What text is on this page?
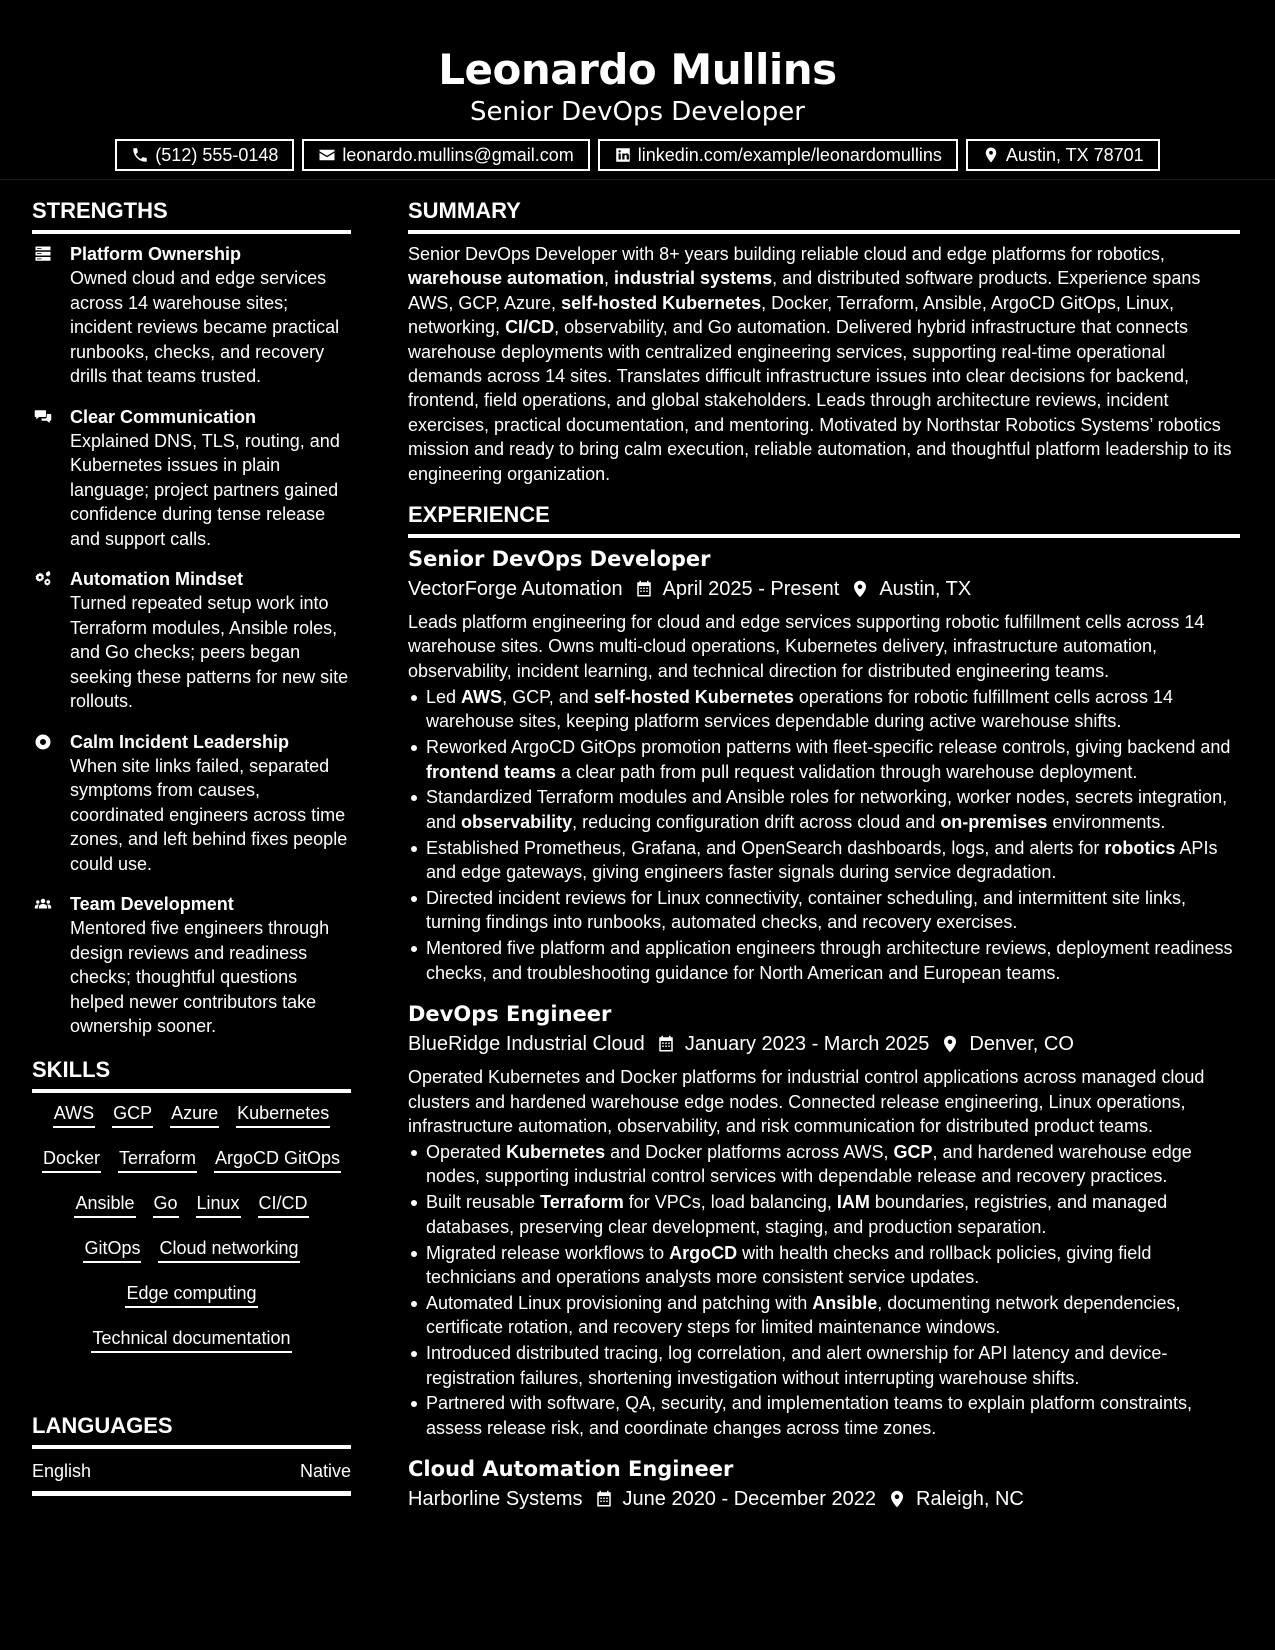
Leonardo Mullins
Senior DevOps Developer
(512) 555-0148	leonardo.mullins@gmail.com	linkedin.com/example/leonardomullins	Austin, TX 78701
STRENGTHS
Platform Ownership

Owned cloud and edge services across 14 warehouse sites; incident reviews became practical runbooks, checks, and recovery drills that teams trusted.

Clear Communication

Explained DNS, TLS, routing, and Kubernetes issues in plain language; project partners gained confidence during tense release and support calls.

Automation Mindset

Turned repeated setup work into Terraform modules, Ansible roles, and Go checks; peers began seeking these patterns for new site rollouts.

Calm Incident Leadership

When site links failed, separated symptoms from causes, coordinated engineers across time zones, and left behind fixes people could use.

Team Development

Mentored five engineers through design reviews and readiness checks; thoughtful questions helped newer contributors take ownership sooner.

SKILLS
AWS GCP Azure Kubernetes
Docker Terraform ArgoCD GitOps
Ansible Go Linux CI/CD
GitOps Cloud networking
Edge computing
Technical documentation
LANGUAGES
English	Native
SUMMARY

Senior DevOps Developer with 8+ years building reliable cloud and edge platforms for robotics, warehouse automation, industrial systems, and distributed software products. Experience spans AWS, GCP, Azure, self-hosted Kubernetes, Docker, Terraform, Ansible, ArgoCD GitOps, Linux, networking, CI/CD, observability, and Go automation. Delivered hybrid infrastructure that connects warehouse deployments with centralized engineering services, supporting real-time operational demands across 14 sites. Translates difficult infrastructure issues into clear decisions for backend, frontend, field operations, and global stakeholders. Leads through architecture reviews, incident exercises, practical documentation, and mentoring. Motivated by Northstar Robotics Systems’ robotics mission and ready to bring calm execution, reliable automation, and thoughtful platform leadership to its engineering organization.

EXPERIENCE
Senior DevOps Developer
VectorForge Automation April 2025 - Present Austin, TX

Leads platform engineering for cloud and edge services supporting robotic fulfillment cells across 14 warehouse sites. Owns multi-cloud operations, Kubernetes delivery, infrastructure automation, observability, incident learning, and technical direction for distributed engineering teams.

Led AWS, GCP, and self-hosted Kubernetes operations for robotic fulfillment cells across 14 warehouse sites, keeping platform services dependable during active warehouse shifts.
Reworked ArgoCD GitOps promotion patterns with fleet-specific release controls, giving backend and frontend teams a clear path from pull request validation through warehouse deployment.
Standardized Terraform modules and Ansible roles for networking, worker nodes, secrets integration, and observability, reducing configuration drift across cloud and on-premises environments.
Established Prometheus, Grafana, and OpenSearch dashboards, logs, and alerts for robotics APIs and edge gateways, giving engineers faster signals during service degradation.
Directed incident reviews for Linux connectivity, container scheduling, and intermittent site links, turning findings into runbooks, automated checks, and recovery exercises.
Mentored five platform and application engineers through architecture reviews, deployment readiness checks, and troubleshooting guidance for North American and European teams.
DevOps Engineer
BlueRidge Industrial Cloud January 2023 - March 2025 Denver, CO

Operated Kubernetes and Docker platforms for industrial control applications across managed cloud clusters and hardened warehouse edge nodes. Connected release engineering, Linux operations, infrastructure automation, observability, and risk communication for distributed product teams.

Operated Kubernetes and Docker platforms across AWS, GCP, and hardened warehouse edge nodes, supporting industrial control services with dependable release and recovery practices.
Built reusable Terraform for VPCs, load balancing, IAM boundaries, registries, and managed databases, preserving clear development, staging, and production separation.
Migrated release workflows to ArgoCD with health checks and rollback policies, giving field technicians and operations analysts more consistent service updates.
Automated Linux provisioning and patching with Ansible, documenting network dependencies, certificate rotation, and recovery steps for limited maintenance windows.
Introduced distributed tracing, log correlation, and alert ownership for API latency and device-registration failures, shortening investigation without interrupting warehouse shifts.
Partnered with software, QA, security, and implementation teams to explain platform constraints, assess release risk, and coordinate changes across time zones.
Cloud Automation Engineer
Harborline Systems June 2020 - December 2022 Raleigh, NC
